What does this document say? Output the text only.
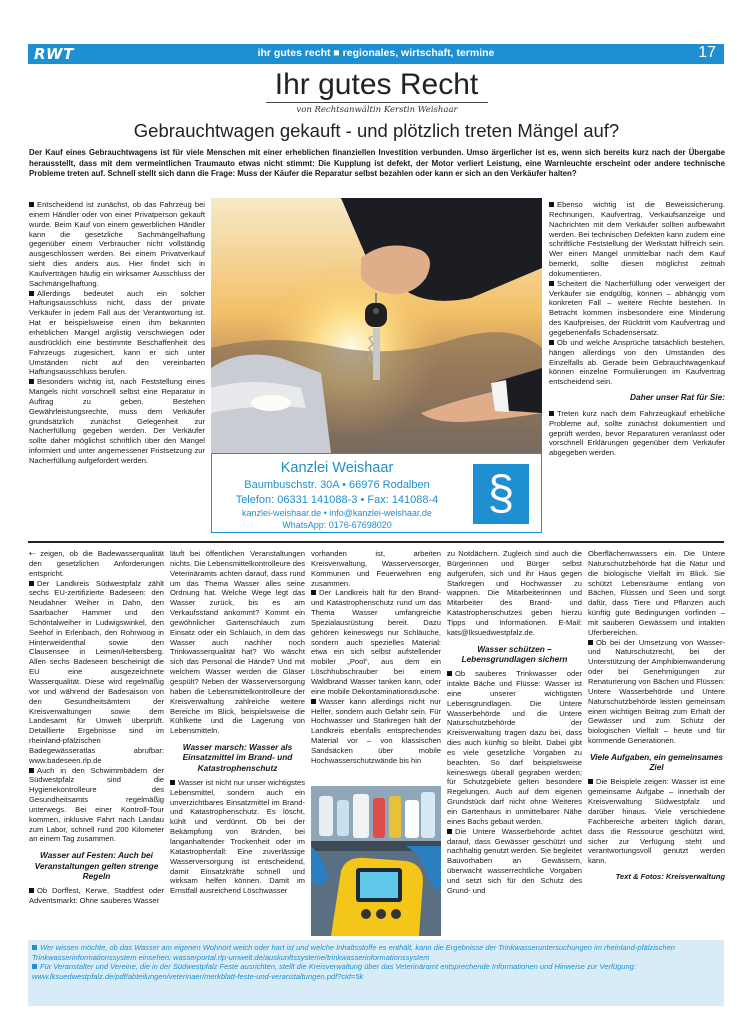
RWT	ihr gutes recht ■ regionales, wirtschaft, termine	17
Ihr gutes Recht
von Rechtsanwältin Kerstin Weishaar
Gebrauchtwagen gekauft - und plötzlich treten Mängel auf?
Der Kauf eines Gebrauchtwagens ist für viele Menschen mit einer erheblichen finanziellen Investition verbunden. Umso ärgerlicher ist es, wenn sich bereits kurz nach der Übergabe herausstellt, dass mit dem vermeintlichen Traumauto etwas nicht stimmt: Die Kupplung ist defekt, der Motor verliert Leistung, eine Warnleuchte erscheint oder andere technische Probleme treten auf. Schnell stellt sich dann die Frage: Muss der Käufer die Reparatur selbst bezahlen oder kann er sich an den Verkäufer halten?

Entscheidend ist zunächst, ob das Fahrzeug bei einem Händler oder von einer Privatperson gekauft wurde. Beim Kauf von einem gewerblichen Händler kann die gesetzliche Sachmängelhaftung gegenüber einem Verbraucher nicht vollständig ausgeschlossen werden. Bei einem Privatverkauf sieht dies anders aus. Hier findet sich in Kaufverträgen häufig ein wirksamer Ausschluss der Sachmängelhaftung.

Allerdings bedeutet auch ein solcher Haftungsausschluss nicht, dass der private Verkäufer in jedem Fall aus der Verantwortung ist. Hat er beispielsweise einen ihm bekannten erheblichen Mangel arglistig verschwiegen oder ausdrücklich eine bestimmte Beschaffenheit des Fahrzeugs zugesichert, kann er sich unter Umständen nicht auf den vereinbarten Haftungsausschluss berufen.

Besonders wichtig ist, nach Feststellung eines Mangels nicht vorschnell selbst eine Reparatur in Auftrag zu geben. Bestehen Gewährleistungsrechte, muss dem Verkäufer grundsätzlich zunächst Gelegenheit zur Nacherfüllung gegeben werden. Der Verkäufer sollte daher möglichst schriftlich über den Mangel informiert und unter angemessener Fristsetzung zur Nacherfüllung aufgefordert werden.	Kanzlei Weishaar
Baumbuschstr. 30A • 66976 Rodalben
Telefon: 06331 141088-3 • Fax: 141088-4
kanzlei-weishaar.de • info@kanzlei-weishaar.de
WhatsApp: 0176-67698020
§

Ebenso wichtig ist die Beweissicherung. Rechnungen, Kaufvertrag, Verkaufsanzeige und Nachrichten mit dem Verkäufer sollten aufbewahrt werden. Bei technischen Defekten kann zudem eine schriftliche Feststellung der Werkstatt hilfreich sein. Wer einen Mangel unmittelbar nach dem Kauf bemerkt, sollte diesen möglichst zeitnah dokumentieren.

Scheitert die Nacherfüllung oder verweigert der Verkäufer sie endgültig, können – abhängig vom konkreten Fall – weitere Rechte bestehen. In Betracht kommen insbesondere eine Minderung des Kaufpreises, der Rücktritt vom Kaufvertrag und gegebenenfalls Schadensersatz.

Ob und welche Ansprüche tatsächlich bestehen, hängen allerdings von den Umständen des Einzelfalls ab. Gerade beim Gebrauchtwagenkauf können einzelne Formulierungen im Kaufvertrag entscheidend sein.

Daher unser Rat für Sie:

Treten kurz nach dem Fahrzeugkauf erhebliche Probleme auf, sollte zunächst dokumentiert und geprüft werden, bevor Reparaturen veranlasst oder vorschnell Erklärungen gegenüber dem Verkäufer abgegeben werden.

⇠ zeigen, ob die Badewasserqualität den gesetzlichen Anforderungen entspricht.

Der Landkreis Südwestpfalz zählt sechs EU-zertifizierte Badeseen: den Neudahner Weiher in Dahn, den Saarbacher Hammer und den Schöntalweiher in Ludwigswinkel, den Seehof in Erlenbach, den Rohrwoog in Hinterweidenthal sowie den Clausensee in Leimen/Heltersberg. Allen sechs Badeseen bescheinigt die EU eine ausgezeichnete Wasserqualität. Diese wird regelmäßig vor und während der Badesaison von den Gesundheitsämtern der Kreisverwaltungen sowie dem Landesamt für Umwelt überprüft. Detaillierte Ergebnisse sind im rheinland-pfälzischen Badegewässeratlas abrufbar: www.badeseen.rlp.de

Auch in den Schwimmbädern der Südwestpfalz sind die Hygienekontrolleure des Gesundheitsamts regelmäßig unterwegs. Bei einer Kontroll-Tour kommen, inklusive Fahrt nach Landau zum Labor, schnell rund 200 Kilometer an einem Tag zusammen.

Wasser auf Festen: Auch bei Veranstaltungen gelten strenge Regeln

Ob Dorffest, Kerwe, Stadtfest oder Adventsmarkt: Ohne sauberes Wasser

läuft bei öffentlichen Veranstaltungen nichts. Die Lebensmittelkontrolleure des Veterinäramts achten darauf, dass rund um das Thema Wasser alles seine Ordnung hat. Welche Wege legt das Wasser zurück, bis es am Verkaufsstand ankommt? Kommt ein gewöhnlicher Gartenschlauch zum Einsatz oder ein Schlauch, in dem das Wasser auch nachher noch Trinkwasserqualität hat? Wo wäscht sich das Personal die Hände? Und mit welchem Wasser werden die Gläser gespült? Neben der Wasserversorgung haben die Lebensmittelkontrolleure der Kreisverwaltung zahlreiche weitere Bereiche im Blick, beispielsweise die Kühlkette und die Lagerung von Lebensmitteln.

Wasser marsch: Wasser als Einsatzmittel im Brand- und Katastrophenschutz

Wasser ist nicht nur unser wichtigstes Lebensmittel, sondern auch ein unverzichtbares Einsatzmittel im Brand- und Katastrophenschutz. Es löscht, kühlt und verdünnt. Ob bei der Bekämpfung von Bränden, bei langanhaltender Trockenheit oder im Katastrophenfall: Eine zuverlässige Wasserversorgung ist entscheidend, damit Einsatzkräfte schnell und wirksam helfen können. Damit im Ernstfall ausreichend Löschwasser

vorhanden ist, arbeiten Kreisverwaltung, Wasserversorger, Kommunen und Feuerwehren eng zusammen.

Der Landkreis hält für den Brand- und Katastrophenschutz rund um das Thema Wasser umfangreiche Spezialausrüstung bereit. Dazu gehören keineswegs nur Schläuche, sondern auch spezielles Material: etwa ein sich selbst aufstellender mobiler „Pool“, aus dem ein Löschhubschrauber bei einem Waldbrand Wasser tanken kann, oder eine mobile Dekontaminationsdusche.

Wasser kann allerdings nicht nur Helfer, sondern auch Gefahr sein. Für Hochwasser und Starkregen hält der Landkreis ebenfalls entsprechendes Material vor – von klassischen Sandsäcken über mobile Hochwasserschutzwände bis hin

zu Notdächern. Zugleich sind auch die Bürgerinnen und Bürger selbst aufgerufen, sich und ihr Haus gegen Starkregen und Hochwasser zu wappnen. Die Mitarbeiterinnen und Mitarbeiter des Brand- und Katastrophenschutzes geben hierzu Tipps und Informationen. E-Mail: kats@lksuedwestpfalz.de.

Wasser schützen – Lebensgrundlagen sichern

Ob sauberes Trinkwasser oder intakte Bäche und Flüsse: Wasser ist eine unserer wichtigsten Lebensgrundlagen. Die Untere Wasserbehörde und die Untere Naturschutzbehörde der Kreisverwaltung tragen dazu bei, dass dies auch künftig so bleibt. Dabei gibt es viele gesetzliche Vorgaben zu beachten. So darf beispielsweise keineswegs überall gegraben werden; für Schutzgebiete gelten besondere Regelungen. Auch auf dem eigenen Grundstück darf nicht ohne Weiteres ein Gartenhaus in unmittelbarer Nähe eines Bachs gebaut werden.

Die Untere Wasserbehörde achtet darauf, dass Gewässer geschützt und nachhaltig genutzt werden. Sie begleitet Bauvorhaben an Gewässern, überwacht wasserrechtliche Vorgaben und setzt sich für den Schutz des Grund- und

Oberflächenwassers ein. Die Untere Naturschutzbehörde hat die Natur und die biologische Vielfalt im Blick. Sie schützt Lebensräume entlang von Bächen, Flüssen und Seen und sorgt dafür, dass Tiere und Pflanzen auch künftig gute Bedingungen vorfinden – mit sauberen Gewässern und intakten Uferbereichen.

Ob bei der Umsetzung von Wasser- und Naturschutzrecht, bei der Unterstützung der Amphibienwanderung oder bei Genehmigungen zur Renaturierung von Bächen und Flüssen: Untere Wasserbehörde und Untere Naturschutzbehörde leisten gemeinsam einen wichtigen Beitrag zum Erhalt der Gewässer und zum Schutz der biologischen Vielfalt – heute und für kommende Generationen.

Viele Aufgaben, ein gemeinsames Ziel

Die Beispiele zeigen: Wasser ist eine gemeinsame Aufgabe – innerhalb der Kreisverwaltung Südwestpfalz und darüber hinaus. Viele verschiedene Fachbereiche arbeiten täglich daran, dass die Ressource geschützt wird, sicher zur Verfügung steht und verantwortungsvoll genutzt werden kann.

Text & Fotos: Kreisverwaltung

Wer wissen möchte, ob das Wasser am eigenen Wohnort weich oder hart ist und welche Inhaltsstoffe es enthält, kann die Ergebnisse der Trinkwasseruntersuchungen im rheinland-pfälzischen Trinkwasserinformationssystem einsehen: wasserportal.rlp-umwelt.de/auskunftssysteme/trinkwasserinformationssystem

Für Veranstalter und Vereine, die in der Südwestpfalz Feste ausrichten, stellt die Kreisverwaltung über das Veterinäramt entsprechende Informationen und Hinweise zur Verfügung: www.lksuedwestpfalz.de/pdf/abteilungen/veterinaer/merkblatt-feste-und-veranstaltungen.pdf?cid=5k
